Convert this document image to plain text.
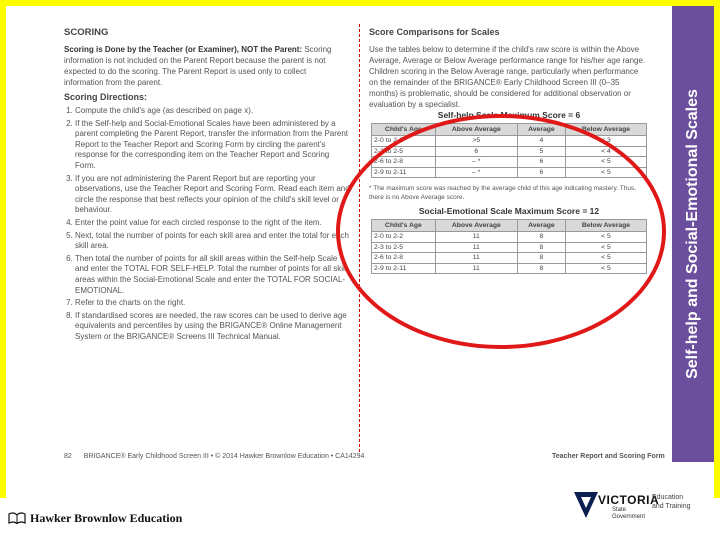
SCORING
Scoring is Done by the Teacher (or Examiner), NOT the Parent: Scoring information is not included on the Parent Report because the parent is not expected to do the scoring. The Parent Report is used only to collect information from the parent.
Scoring Directions:
1. Compute the child's age (as described on page x).
2. If the Self-help and Social-Emotional Scales have been administered by a parent completing the Parent Report, transfer the information from the Parent Report to the Teacher Report and Scoring Form by circling the parent's response for the corresponding item on the Teacher Report and Scoring Form.
3. If you are not administering the Parent Report but are reporting your observations, use the Teacher Report and Scoring Form. Read each item and circle the response that best reflects your opinion of the child's skill level or behaviour.
4. Enter the point value for each circled response to the right of the item.
5. Next, total the number of points for each skill area and enter the total for each skill area.
6. Then total the number of points for all skill areas within the Self-help Scale and enter the TOTAL FOR SELF-HELP. Total the number of points for all skill areas within the Social-Emotional Scale and enter the TOTAL FOR SOCIAL-EMOTIONAL.
7. Refer to the charts on the right.
8. If standardised scores are needed, the raw scores can be used to derive age equivalents and percentiles by using the BRIGANCE® Online Management System or the BRIGANCE® Screens III Technical Manual.
Score Comparisons for Scales
Use the tables below to determine if the child's raw score is within the Above Average, Average or Below Average performance range for his/her age range. Children scoring in the Below Average range, particularly when performance on the remainder of the BRIGANCE® Early Childhood Screen III (0–35 months) is problematic, should be considered for additional observation or evaluation by a specialist.
Self-help Scale Maximum Score = 6
Child's Age	Above Average	Average	Below Average
2-0 to 2-2	>5	4	< 3
2-3 to 2-5	6	5	< 4
2-6 to 2-8	– *	6	< 5
2-9 to 2-11	– *	6	< 5
* The maximum score was reached by the average child of this age indicating mastery. Thus, there is no Above Average score.
Social-Emotional Scale Maximum Score = 12
Child's Age	Above Average	Average	Below Average
2-0 to 2-2	11	8	< 5
2-3 to 2-5	11	8	< 5
2-6 to 2-8	11	8	< 5
2-9 to 2-11	11	8	< 5	Self-help and Social-Emotional Scales
82 BRIGANCE® Early Childhood Screen III • © 2014 Hawker Brownlow Education • CA14294	Teacher Report and Scoring Form
Hawker Brownlow Education
VICTORIA
State
Government
Education
and Training
